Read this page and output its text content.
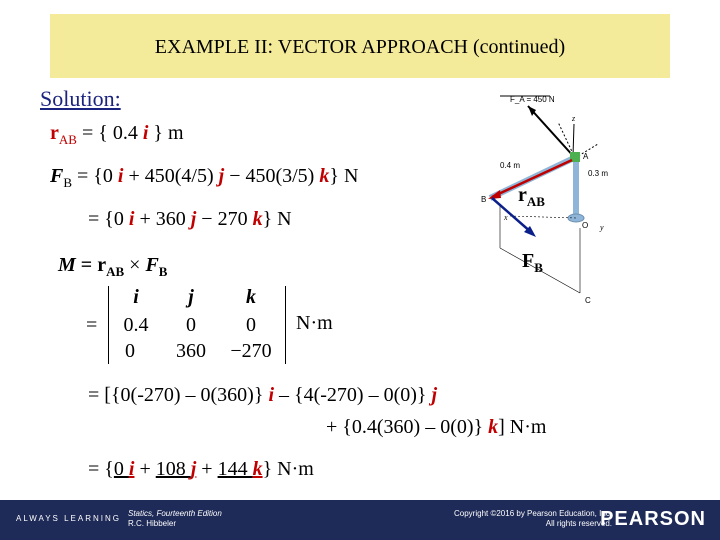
EXAMPLE II: VECTOR APPROACH (continued)
Solution:
$r_{AB}$ = { 0.4 i } m
$F_B = \{0$ i + 450(4/5) j − 450(3/5) k} N
= {0 i + 360 j − 270 k} N
$M = r_{AB} \times F_B$
=
i	j	k
0.4	0	0
0	360	−270
N·m
= [{0(-270) – 0(360)} i – {4(-270) – 0(0)} j
+ {0.4(360) – 0(0)} k] N·m
= {0 i + 108 j + 144 k} N·m
F_A = 450 N
z
0.4 m
0.3 m
A
B
O
C
x
y
$r_{AB}$
$F_B$
ALWAYS LEARNING
Statics, Fourteenth Edition
R.C. Hibbeler
Copyright ©2016 by Pearson Education, Inc.
All rights reserved.
PEARSON
